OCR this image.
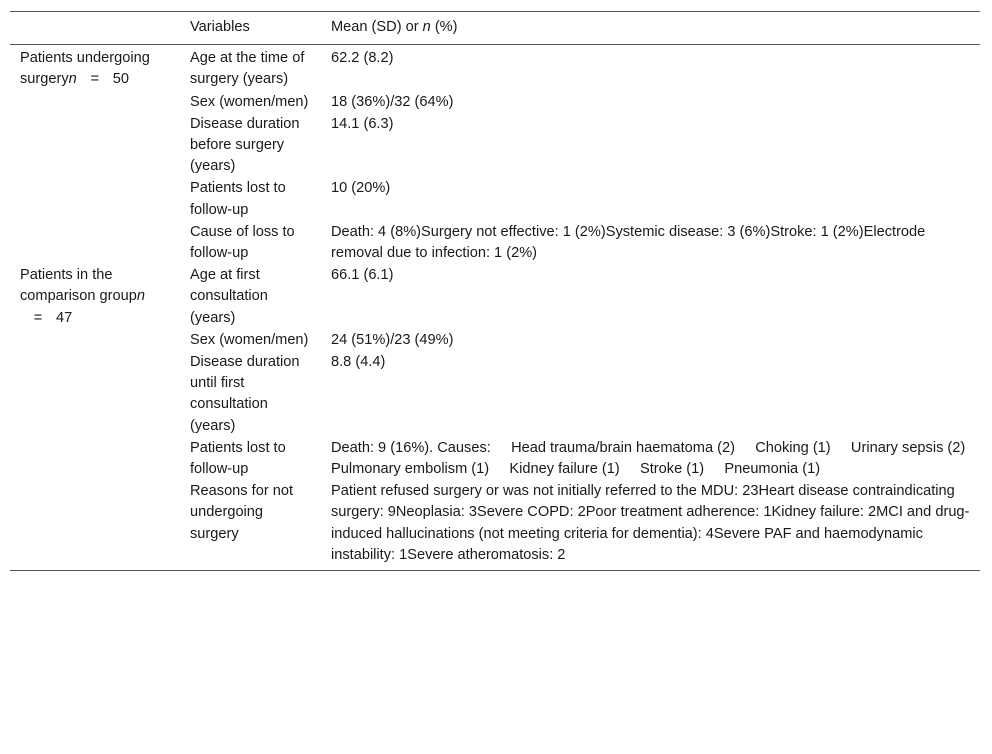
	Variables	Mean (SD) or n (%)
Patients undergoing surgeryn = 50	Age at the time of surgery (years)	62.2 (8.2)
	Sex (women/men)	18 (36%)/32 (64%)
	Disease duration before surgery (years)	14.1 (6.3)
	Patients lost to follow-up	10 (20%)
	Cause of loss to follow-up	Death: 4 (8%)Surgery not effective: 1 (2%)Systemic disease: 3 (6%)Stroke: 1 (2%)Electrode removal due to infection: 1 (2%)
Patients in the comparison groupn= 47	Age at first consultation (years)	66.1 (6.1)
	Sex (women/men)	24 (51%)/23 (49%)
	Disease duration until first consultation (years)	8.8 (4.4)
	Patients lost to follow-up	Death: 9 (16%). Causes:     Head trauma/brain haematoma (2)     Choking (1)     Urinary sepsis (2)     Pulmonary embolism (1)     Kidney failure (1)     Stroke (1)     Pneumonia (1)
	Reasons for not undergoing surgery	Patient refused surgery or was not initially referred to the MDU: 23Heart disease contraindicating surgery: 9Neoplasia: 3Severe COPD: 2Poor treatment adherence: 1Kidney failure: 2MCI and drug-induced hallucinations (not meeting criteria for dementia): 4Severe PAF and haemodynamic instability: 1Severe atheromatosis: 2
